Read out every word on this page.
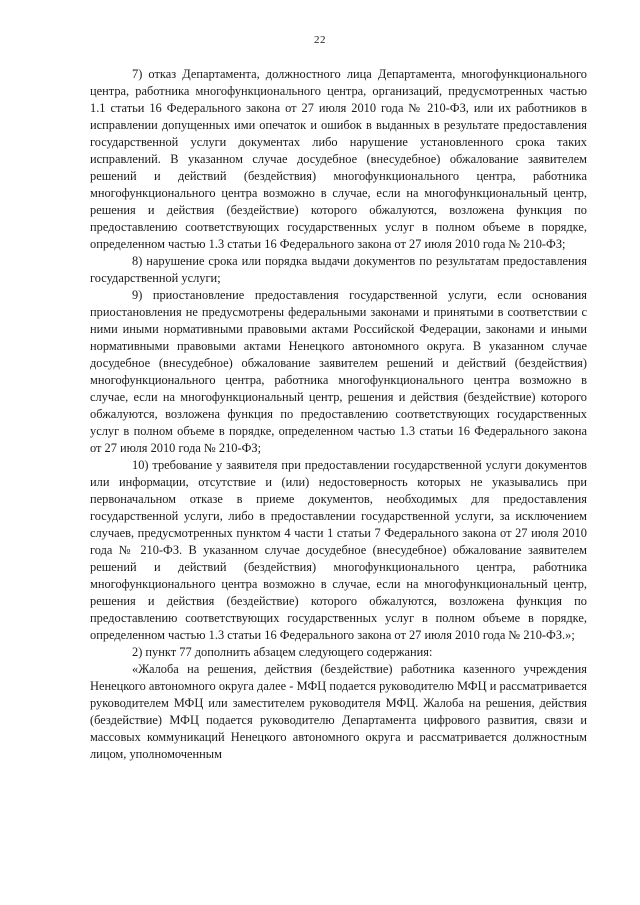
22

7) отказ Департамента, должностного лица Департамента, многофункционального центра, работника многофункционального центра, организаций, предусмотренных частью 1.1 статьи 16 Федерального закона от 27 июля 2010 года № 210-ФЗ, или их работников в исправлении допущенных ими опечаток и ошибок в выданных в результате предоставления государственной услуги документах либо нарушение установленного срока таких исправлений. В указанном случае досудебное (внесудебное) обжалование заявителем решений и действий (бездействия) многофункционального центра, работника многофункционального центра возможно в случае, если на многофункциональный центр, решения и действия (бездействие) которого обжалуются, возложена функция по предоставлению соответствующих государственных услуг в полном объеме в порядке, определенном частью 1.3 статьи 16 Федерального закона от 27 июля 2010 года № 210-ФЗ;

8) нарушение срока или порядка выдачи документов по результатам предоставления государственной услуги;

9) приостановление предоставления государственной услуги, если основания приостановления не предусмотрены федеральными законами и принятыми в соответствии с ними иными нормативными правовыми актами Российской Федерации, законами и иными нормативными правовыми актами Ненецкого автономного округа. В указанном случае досудебное (внесудебное) обжалование заявителем решений и действий (бездействия) многофункционального центра, работника многофункционального центра возможно в случае, если на многофункциональный центр, решения и действия (бездействие) которого обжалуются, возложена функция по предоставлению соответствующих государственных услуг в полном объеме в порядке, определенном частью 1.3 статьи 16 Федерального закона от 27 июля 2010 года № 210-ФЗ;

10) требование у заявителя при предоставлении государственной услуги документов или информации, отсутствие и (или) недостоверность которых не указывались при первоначальном отказе в приеме документов, необходимых для предоставления государственной услуги, либо в предоставлении государственной услуги, за исключением случаев, предусмотренных пунктом 4 части 1 статьи 7 Федерального закона от 27 июля 2010 года № 210-ФЗ. В указанном случае досудебное (внесудебное) обжалование заявителем решений и действий (бездействия) многофункционального центра, работника многофункционального центра возможно в случае, если на многофункциональный центр, решения и действия (бездействие) которого обжалуются, возложена функция по предоставлению соответствующих государственных услуг в полном объеме в порядке, определенном частью 1.3 статьи 16 Федерального закона от 27 июля 2010 года № 210-ФЗ.»;

2) пункт 77 дополнить абзацем следующего содержания:

«Жалоба на решения, действия (бездействие) работника казенного учреждения Ненецкого автономного округа далее - МФЦ подается руководителю МФЦ и рассматривается руководителем МФЦ или заместителем руководителя МФЦ. Жалоба на решения, действия (бездействие) МФЦ подается руководителю Департамента цифрового развития, связи и массовых коммуникаций Ненецкого автономного округа и рассматривается должностным лицом, уполномоченным
